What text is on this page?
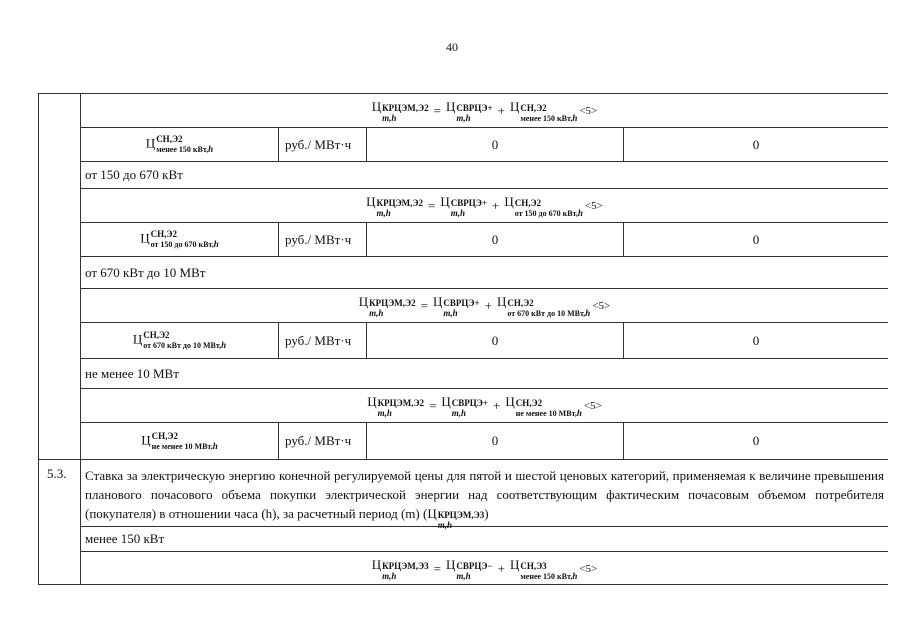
40
Ц КРЦЭМ,Э2
m,h	= Ц СВРЦЭ+
m,h	+ Ц СН,Э2
менее 150 кВт,h
<5>
Ц СН,Э2
менее 150 кВт,h	руб./ МВт·ч	0	0
от 150 до 670 кВт
Ц КРЦЭМ,Э2
m,h	= Ц СВРЦЭ+
m,h	+ Ц СН,Э2
от 150 до 670 кВт,h
<5>
Ц СН,Э2
от 150 до 670 кВт,h	руб./ МВт·ч	0	0
от 670 кВт до 10 МВт
Ц КРЦЭМ,Э2
m,h	= Ц СВРЦЭ+
m,h	+ Ц СН,Э2
от 670 кВт до 10 МВт,h
<5>
Ц СН,Э2
от 670 кВт до 10 МВт,h	руб./ МВт·ч	0	0
не менее 10 МВт
Ц КРЦЭМ,Э2
m,h	= Ц СВРЦЭ+
m,h	+ Ц СН,Э2
не менее 10 МВт,h
<5>
Ц СН,Э2
не менее 10 МВт,h	руб./ МВт·ч	0	0
5.3.	Ставка за электрическую энергию конечной регулируемой цены для пятой и шестой ценовых категорий, применяемая к величине превышения планового почасового объема покупки электрической энергии над соответствующим фактическим почасовым объемом потребителя (покупателя) в отношении часа (h), за расчетный период (m) ( Ц КРЦЭМ,Э3
m,h
)
менее 150 кВт
Ц КРЦЭМ,Э3
m,h	= Ц СВРЦЭ−
m,h	+ Ц СН,Э3
менее 150 кВт,h
<5>
